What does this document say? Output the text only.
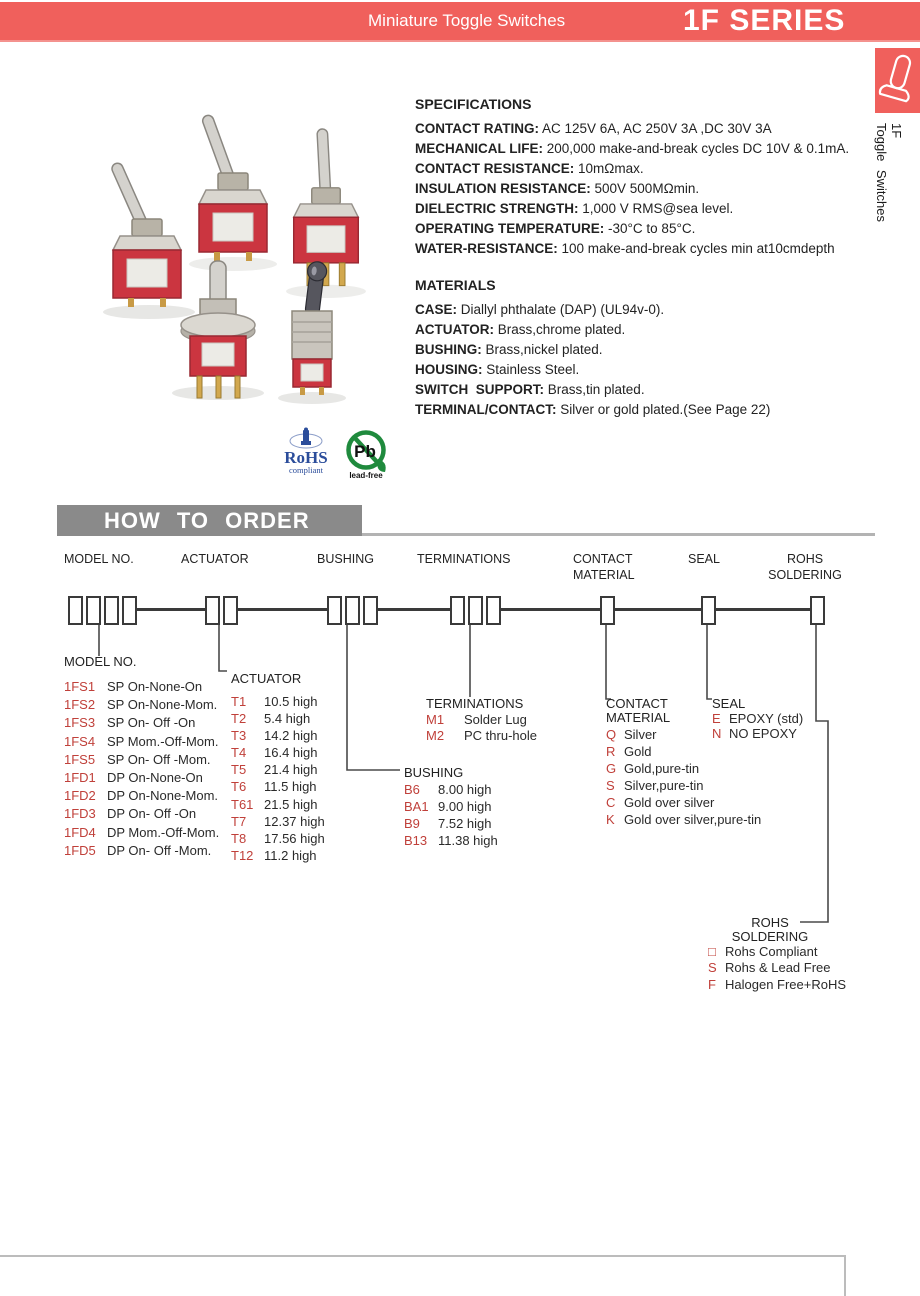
Miniature Toggle Switches	1F SERIES
1F
Toggle Switches
SPECIFICATIONS
CONTACT RATING: AC 125V 6A, AC 250V 3A ,DC 30V 3A
MECHANICAL LIFE: 200,000 make-and-break cycles DC 10V & 0.1mA.
CONTACT RESISTANCE: 10mΩmax.
INSULATION RESISTANCE: 500V 500MΩmin.
DIELECTRIC STRENGTH: 1,000 V RMS@sea level.
OPERATING TEMPERATURE: -30°C to 85°C.
WATER-RESISTANCE: 100 make-and-break cycles min at10cmdepth
MATERIALS
CASE: Diallyl phthalate (DAP) (UL94v-0).
ACTUATOR: Brass,chrome plated.
BUSHING: Brass,nickel plated.
HOUSING: Stainless Steel.
SWITCH  SUPPORT: Brass,tin plated.
TERMINAL/CONTACT: Silver or gold plated.(See Page 22)
RoHS
compliant
Pb
lead-free
HOW TO ORDER
MODEL NO.	ACTUATOR	BUSHING	TERMINATIONS	CONTACT
MATERIAL
SEAL	ROHS
SOLDERING
MODEL NO.
1FS1 SP On-None-On
1FS2 SP On-None-Mom.
1FS3 SP On- Off -On
1FS4 SP Mom.-Off-Mom.
1FS5 SP On- Off -Mom.
1FD1 DP On-None-On
1FD2 DP On-None-Mom.
1FD3 DP On- Off -On
1FD4 DP Mom.-Off-Mom.
1FD5 DP On- Off -Mom.
ACTUATOR
T1	10.5 high
T2	5.4 high
T3	14.2 high
T4	16.4 high
T5	21.4 high
T6	11.5 high
T61 21.5 high
T7	12.37 high
T8	17.56 high
T12 11.2 high
TERMINATIONS
M1	Solder Lug
M2	PC thru-hole
BUSHING
B6	8.00 high
BA1 9.00 high
B9	7.52 high
B13 11.38 high
CONTACT
MATERIAL
Q Silver
R Gold
G Gold,pure-tin
S Silver,pure-tin
C Gold over silver
K Gold over silver,pure-tin
SEAL
E EPOXY (std)
N NO EPOXY
ROHS
SOLDERING
□ Rohs Compliant
S Rohs & Lead Free
F Halogen Free+RoHS
